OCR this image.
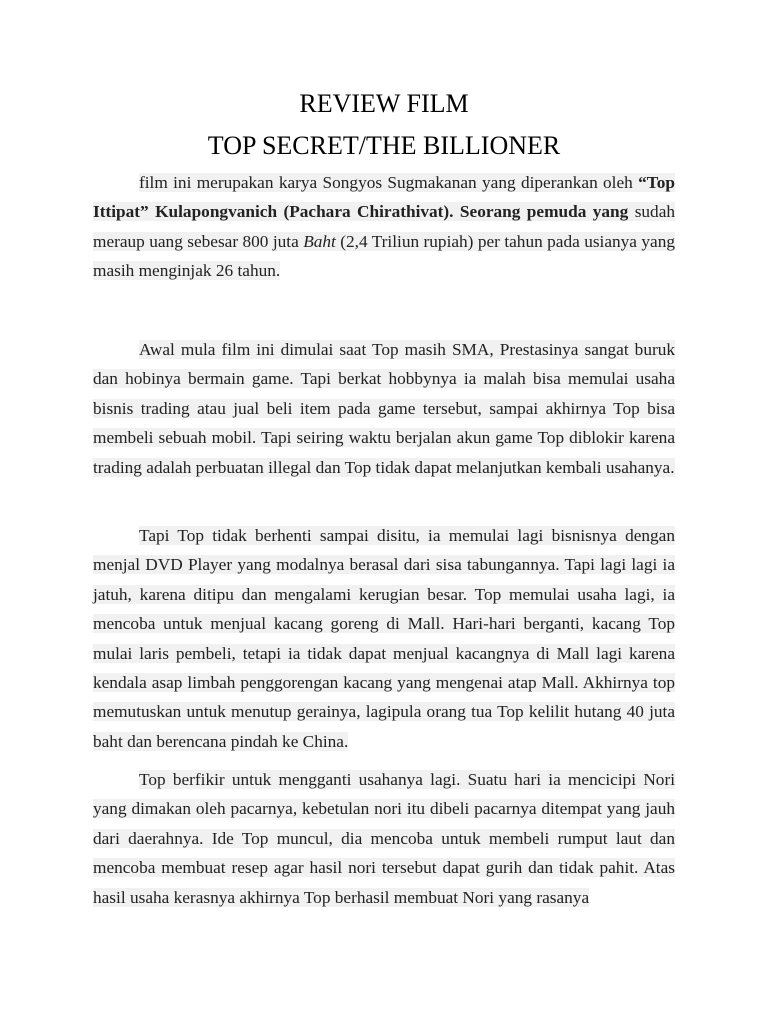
REVIEW FILM
TOP SECRET/THE BILLIONER

film ini merupakan karya Songyos Sugmakanan yang diperankan oleh “Top Ittipat” Kulapongvanich (Pachara Chirathivat). Seorang pemuda yang sudah meraup uang sebesar 800 juta Baht (2,4 Triliun rupiah) per tahun pada usianya yang masih menginjak 26 tahun.

Awal mula film ini dimulai saat Top masih SMA, Prestasinya sangat buruk dan hobinya bermain game. Tapi berkat hobbynya ia malah bisa memulai usaha bisnis trading atau jual beli item pada game tersebut, sampai akhirnya Top bisa membeli sebuah mobil. Tapi seiring waktu berjalan akun game Top diblokir karena trading adalah perbuatan illegal dan Top tidak dapat melanjutkan kembali usahanya.

Tapi Top tidak berhenti sampai disitu, ia memulai lagi bisnisnya dengan menjal DVD Player yang modalnya berasal dari sisa tabungannya. Tapi lagi lagi ia jatuh, karena ditipu dan mengalami kerugian besar. Top memulai usaha lagi, ia mencoba untuk menjual kacang goreng di Mall. Hari-hari berganti, kacang Top mulai laris pembeli, tetapi ia tidak dapat menjual kacangnya di Mall lagi karena kendala asap limbah penggorengan kacang yang mengenai atap Mall. Akhirnya top memutuskan untuk menutup gerainya, lagipula orang tua Top kelilit hutang 40 juta baht dan berencana pindah ke China.

Top berfikir untuk mengganti usahanya lagi. Suatu hari ia mencicipi Nori yang dimakan oleh pacarnya, kebetulan nori itu dibeli pacarnya ditempat yang jauh dari daerahnya. Ide Top muncul, dia mencoba untuk membeli rumput laut dan mencoba membuat resep agar hasil nori tersebut dapat gurih dan tidak pahit. Atas hasil usaha kerasnya akhirnya Top berhasil membuat Nori yang rasanya
